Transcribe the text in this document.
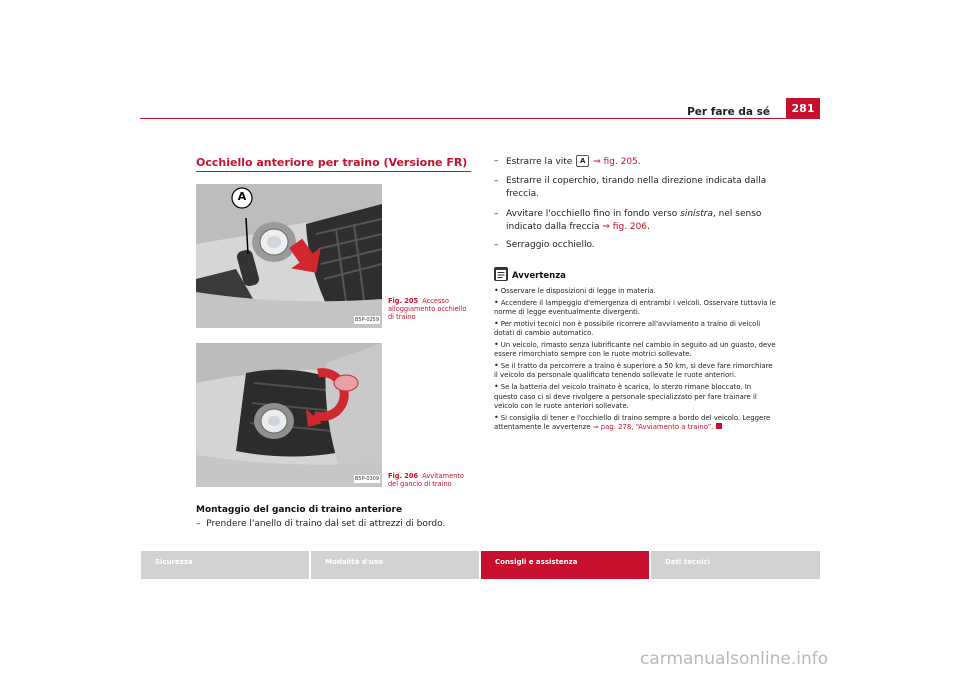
Per fare da sé	281
Occhiello anteriore per traino (Versione FR)
A
B5P-0259
Fig. 205 Accesso alloggiamento occhiello di traino
B5P-0309 Fig. 206 Avvitamento del gancio di traino
Montaggio del gancio di traino anteriore
–  Prendere l'anello di traino dal set di attrezzi di bordo.
– Estrarre la vite A ⇒ fig. 205.
– Estrarre il coperchio, tirando nella direzione indicata dalla freccia.
– Avvitare l'occhiello fino in fondo verso sinistra, nel senso indicato dalla freccia ⇒ fig. 206.
– Serraggio occhiello.
Avvertenza
• Osservare le disposizioni di legge in materia.
• Accendere il lampeggio d'emergenza di entrambi i veicoli. Osservare tuttavia le norme di legge eventualmente divergenti.
• Per motivi tecnici non è possibile ricorrere all'avviamento a traino di veicoli dotati di cambio automatico.
• Un veicolo, rimasto senza lubrificante nel cambio in seguito ad un guasto, deve essere rimorchiato sempre con le ruote motrici sollevate.
• Se il tratto da percorrere a traino è superiore a 50 km, si deve fare rimorchiare il veicolo da personale qualificato tenendo sollevate le ruote anteriori.
• Se la batteria del veicolo trainato è scarica, lo sterzo rimane bloccato. In questo caso ci si deve rivolgere a personale specializzato per fare trainare il veicolo con le ruote anteriori sollevate.
• Si consiglia di tener e l'occhiello di traino sempre a bordo del veicolo. Leggere attentamente le avvertenze ⇒ pag. 278, “Avviamento a traino”.
Sicurezza	Modalità d'uso	Consigli e assistenza	Dati tecnici
carmanualsonline.info
